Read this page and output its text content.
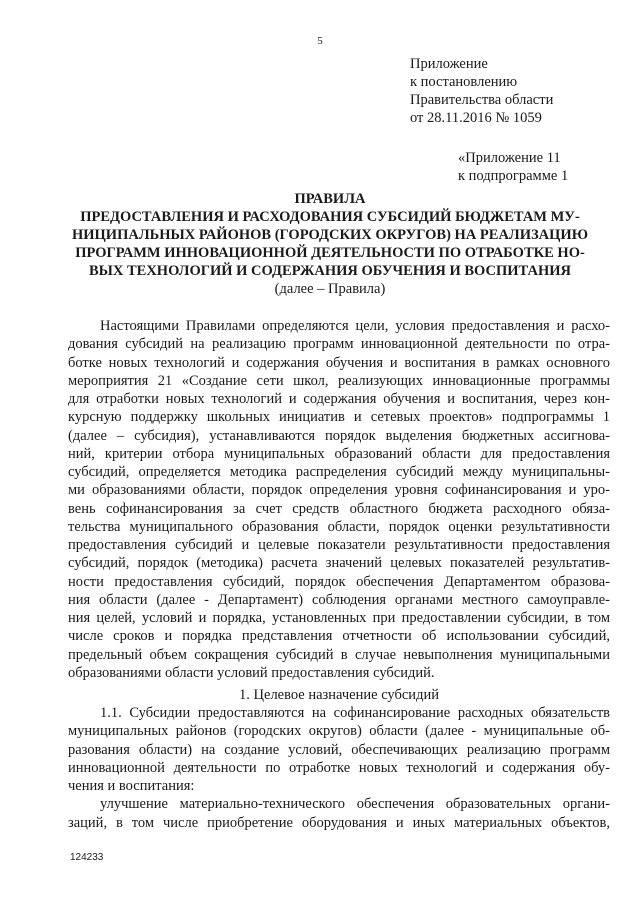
5
Приложение
к постановлению
Правительства области
от 28.11.2016 № 1059
«Приложение 11
к подпрограмме 1
ПРАВИЛА
ПРЕДОСТАВЛЕНИЯ И РАСХОДОВАНИЯ СУБСИДИЙ БЮДЖЕТАМ МУ-
НИЦИПАЛЬНЫХ РАЙОНОВ (ГОРОДСКИХ ОКРУГОВ) НА РЕАЛИЗАЦИЮ
ПРОГРАММ ИННОВАЦИОННОЙ ДЕЯТЕЛЬНОСТИ ПО ОТРАБОТКЕ НО-
ВЫХ ТЕХНОЛОГИЙ И СОДЕРЖАНИЯ ОБУЧЕНИЯ И ВОСПИТАНИЯ
(далее – Правила)
Настоящими Правилами определяются цели, условия предоставления и расхо-
дования субсидий на реализацию программ инновационной деятельности по отра-
ботке новых технологий и содержания обучения и воспитания в рамках основного
мероприятия 21 «Создание сети школ, реализующих инновационные программы
для отработки новых технологий и содержания обучения и воспитания, через кон-
курсную поддержку школьных инициатив и сетевых проектов» подпрограммы 1
(далее – субсидия), устанавливаются порядок выделения бюджетных ассигнова-
ний, критерии отбора муниципальных образований области для предоставления
субсидий, определяется методика распределения субсидий между муниципальны-
ми образованиями области, порядок определения уровня софинансирования и уро-
вень софинансирования за счет средств областного бюджета расходного обяза-
тельства муниципального образования области, порядок оценки результативности
предоставления субсидий и целевые показатели результативности предоставления
субсидий, порядок (методика) расчета значений целевых показателей результатив-
ности предоставления субсидий, порядок обеспечения Департаментом образова-
ния области (далее - Департамент) соблюдения органами местного самоуправле-
ния целей, условий и порядка, установленных при предоставлении субсидии, в том
числе сроков и порядка представления отчетности об использовании субсидий,
предельный объем сокращения субсидий в случае невыполнения муниципальными
образованиями области условий предоставления субсидий.
1. Целевое назначение субсидий
1.1. Субсидии предоставляются на софинансирование расходных обязательств
муниципальных районов (городских округов) области (далее - муниципальные об-
разования области) на создание условий, обеспечивающих реализацию программ
инновационной деятельности по отработке новых технологий и содержания обу-
чения и воспитания:
улучшение материально-технического обеспечения образовательных органи-
заций, в том числе приобретение оборудования и иных материальных объектов,
124233
